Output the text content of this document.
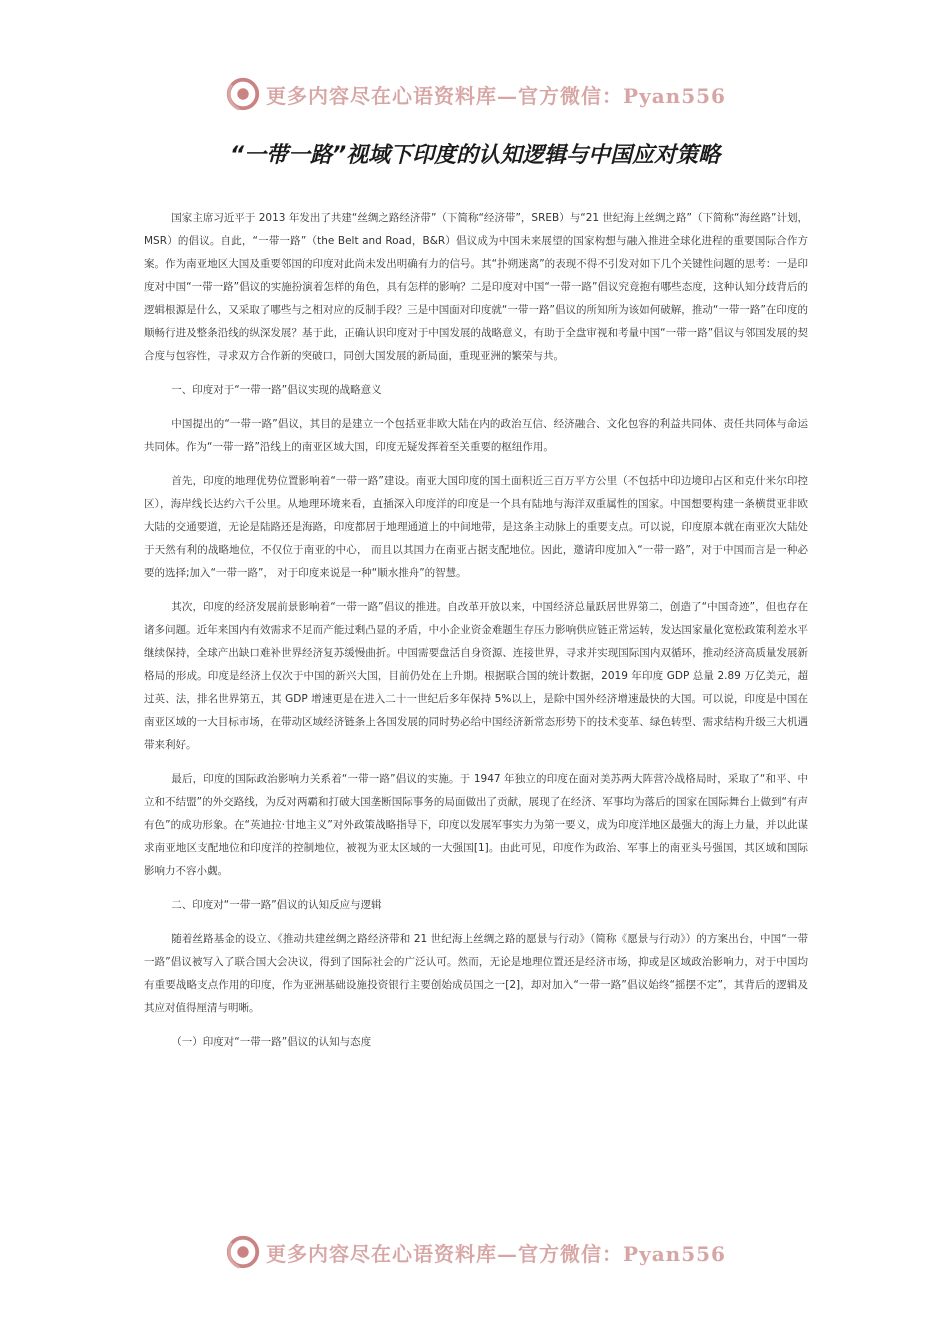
更多内容尽在心语资料库—官方微信：Pyan556
“一带一路”视域下印度的认知逻辑与中国应对策略

国家主席习近平于 2013 年发出了共建“丝绸之路经济带”（下简称“经济带”，SREB）与“21 世纪海上丝绸之路”（下简称“海丝路”计划，MSR）的倡议。自此，“一带一路”（the Belt and Road，B&R）倡议成为中国未来展望的国家构想与融入推进全球化进程的重要国际合作方案。作为南亚地区大国及重要邻国的印度对此尚未发出明确有力的信号。其“扑朔迷离”的表现不得不引发对如下几个关键性问题的思考：一是印度对中国“一带一路”倡议的实施扮演着怎样的角色，具有怎样的影响？二是印度对中国“一带一路”倡议究竟抱有哪些态度，这种认知分歧背后的逻辑根源是什么，又采取了哪些与之相对应的反制手段？三是中国面对印度就“一带一路”倡议的所知所为该如何破解，推动“一带一路”在印度的顺畅行进及整条沿线的纵深发展？基于此，正确认识印度对于中国发展的战略意义，有助于全盘审视和考量中国“一带一路”倡议与邻国发展的契合度与包容性，寻求双方合作新的突破口，同创大国发展的新局面，重现亚洲的繁荣与共。

一、印度对于“一带一路”倡议实现的战略意义

中国提出的“一带一路”倡议，其目的是建立一个包括亚非欧大陆在内的政治互信、经济融合、文化包容的利益共同体、责任共同体与命运共同体。作为“一带一路”沿线上的南亚区域大国，印度无疑发挥着至关重要的枢纽作用。

首先，印度的地理优势位置影响着“一带一路”建设。南亚大国印度的国土面积近三百万平方公里（不包括中印边境印占区和克什米尔印控区），海岸线长达约六千公里。从地理环境来看，直插深入印度洋的印度是一个具有陆地与海洋双重属性的国家。中国想要构建一条横贯亚非欧大陆的交通要道，无论是陆路还是海路，印度都居于地理通道上的中间地带，是这条主动脉上的重要支点。可以说，印度原本就在南亚次大陆处于天然有利的战略地位，不仅位于南亚的中心， 而且以其国力在南亚占据支配地位。因此，邀请印度加入“一带一路”，对于中国而言是一种必要的选择;加入“一带一路”， 对于印度来说是一种“顺水推舟”的智慧。

其次，印度的经济发展前景影响着“一带一路”倡议的推进。自改革开放以来，中国经济总量跃居世界第二，创造了“中国奇迹”，但也存在诸多问题。近年来国内有效需求不足而产能过剩凸显的矛盾，中小企业资金难题生存压力影响供应链正常运转，发达国家量化宽松政策利差水平继续保持，全球产出缺口难补世界经济复苏缓慢曲折。中国需要盘活自身资源、连接世界，寻求并实现国际国内双循环，推动经济高质量发展新格局的形成。印度是经济上仅次于中国的新兴大国，目前仍处在上升期。根据联合国的统计数据，2019 年印度 GDP 总量 2.89 万亿美元，超过英、法，排名世界第五，其 GDP 增速更是在进入二十一世纪后多年保持 5%以上，是除中国外经济增速最快的大国。可以说，印度是中国在南亚区域的一大目标市场，在带动区域经济链条上各国发展的同时势必给中国经济新常态形势下的技术变革、绿色转型、需求结构升级三大机遇带来利好。

最后，印度的国际政治影响力关系着“一带一路”倡议的实施。于 1947 年独立的印度在面对美苏两大阵营冷战格局时，采取了“和平、中立和不结盟”的外交路线，为反对两霸和打破大国垄断国际事务的局面做出了贡献，展现了在经济、军事均为落后的国家在国际舞台上做到“有声有色”的成功形象。在“英迪拉·甘地主义”对外政策战略指导下，印度以发展军事实力为第一要义，成为印度洋地区最强大的海上力量，并以此谋求南亚地区支配地位和印度洋的控制地位，被视为亚太区域的一大强国[1]。由此可见，印度作为政治、军事上的南亚头号强国，其区域和国际影响力不容小觑。

二、印度对“一带一路”倡议的认知反应与逻辑

随着丝路基金的设立、《推动共建丝绸之路经济带和 21 世纪海上丝绸之路的愿景与行动》（简称《愿景与行动》）的方案出台，中国“一带一路”倡议被写入了联合国大会决议，得到了国际社会的广泛认可。然而，无论是地理位置还是经济市场，抑或是区域政治影响力，对于中国均有重要战略支点作用的印度，作为亚洲基础设施投资银行主要创始成员国之一[2]，却对加入“一带一路”倡议始终“摇摆不定”，其背后的逻辑及其应对值得厘清与明晰。

（一）印度对“一带一路”倡议的认知与态度

更多内容尽在心语资料库—官方微信：Pyan556
